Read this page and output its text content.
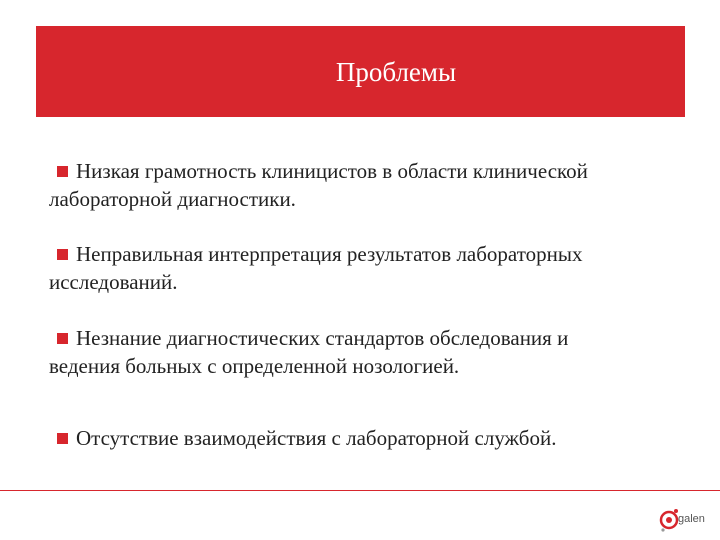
Проблемы
Низкая грамотность клиницистов в области клинической
лабораторной диагностики.
Неправильная интерпретация результатов лабораторных
исследований.
Незнание диагностических стандартов обследования и
ведения больных с определенной нозологией.
Отсутствие взаимодействия с лабораторной службой.
galen
